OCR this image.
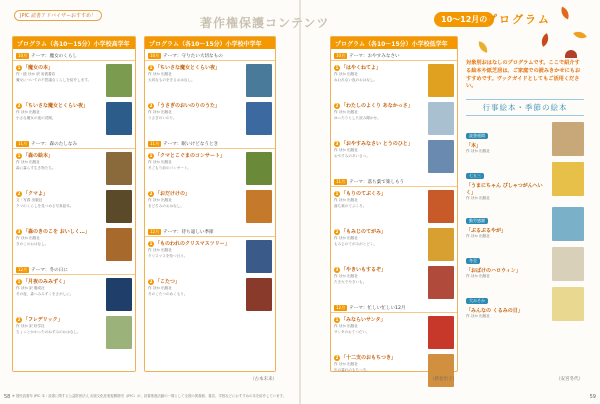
JPIC 読書アドバイザーおすすめ！	著作権保護コンテンツ	10～12月の
プログラム
プログラム（各10～15分）小学校高学年
10月 テーマ：魔女のくらし
1 「魔女の本」
作・絵 ほか 訳 岩波書店
魔女についての不思議なくらしを紹介します。
2 「ちいさな魔女とくらい夜」
作 ほか 出版社
小さな魔女の夜の冒険。
11月 テーマ：森のたしなみ
1 「森の絵本」
作 ほか 出版社
森に暮らす生き物たち。
2 「クマよ」
文・写真 出版社
クマのくらしを見つめる写真絵本。
3 「森のきのこを おいしく…」
作 ほか 出版社
きのこのおはなし。
12月 テーマ：冬の日に
1 「月夜のみみずく」
作 ほか 訳 偕成社
冬の夜、森へみみずくをさがしに。
2 「フレデリック」
作 ほか 訳 好学社
ちょっとかわったのねずみのおはなし。
プログラム（各10～15分）小学校中学年
10月 テーマ：守りたい大切なもの
1 「ちいさな魔女とくらい夜」
作 ほか 出版社
大切なものを守るおはなし。
2 「うさぎのおいのりのうた」
作 ほか 出版社
うさぎのいのり。
11月 テーマ：眠いけどなうとき
1 「クマとこぐまのコンサート」
作 ほか 出版社
冬ごもり前のコンサート。
2 「おだけけの」
作 ほか 出版社
まどろみのおはなし。
12月 テーマ：待ち遠しい季節
1 「ものわれのクリスマスツリー」
作 ほか 出版社
クリスマスを待つ日々。
2 「こたつ」
作 ほか 出版社
冬のこたつのぬくもり。
（古本未来）
プログラム（各10～15分）小学校低学年
10月 テーマ：おやすみなさい
1 「はやくねてよ」
作 ほか 出版社
ねむれない夜のおはなし。
2 「わたしのよくり あなかっさ」
作 ほか 出版社
ゆったりとした読み聞かせ。
3 「おやすみなさい とうのひと」
作 ほか 出版社
おやすみのあいさつ。
11月 テーマ：落ち葉で楽しもう
1 「もりのてぶくろ」
作 ほか 出版社
落ち葉のてぶくろ。
2 「もみじのてがみ」
作 ほか 出版社
もみじのてがみがとどく。
3 「やきいもするぞ」
作 ほか 出版社
たき火でやきいも。
12月 テーマ：忙しい忙しい12月
1 「みならいサンタ」
作 ほか 出版社
サンタのおてつだい。
2 「十二支のおもちつき」
作 ほか 出版社
年の暮れのもちつき。
（新巻治子）
対象別おはなしのプログラムです。ここで紹介する絵本や紙芝居は、ご家庭での読みきかせにもおすすめです。ヴックガイドとしてもご活用ください。
行事絵本・季節の絵本
読書週間
「本」
作 ほか 出版社
七五三
「うまにちゃん ぴしゃつがんへいく」
作 ほか 出版社
勤労感謝
「ぶるぶるやが」
作 ほか 出版社
冬至
「おばけのハロウィン」
作 ほか 出版社
大みそか
「みんなの くるみの日」
作 ほか 出版社
（安宮冬代）
※ 国民読書年 JPIC 本・読書に関する公益財団法人 出版文化産業振興財団（JPIC）が、読書推進活動の一環として全国の図書館、書店、学校などにおすすめの本を紹介しています。
58	59
